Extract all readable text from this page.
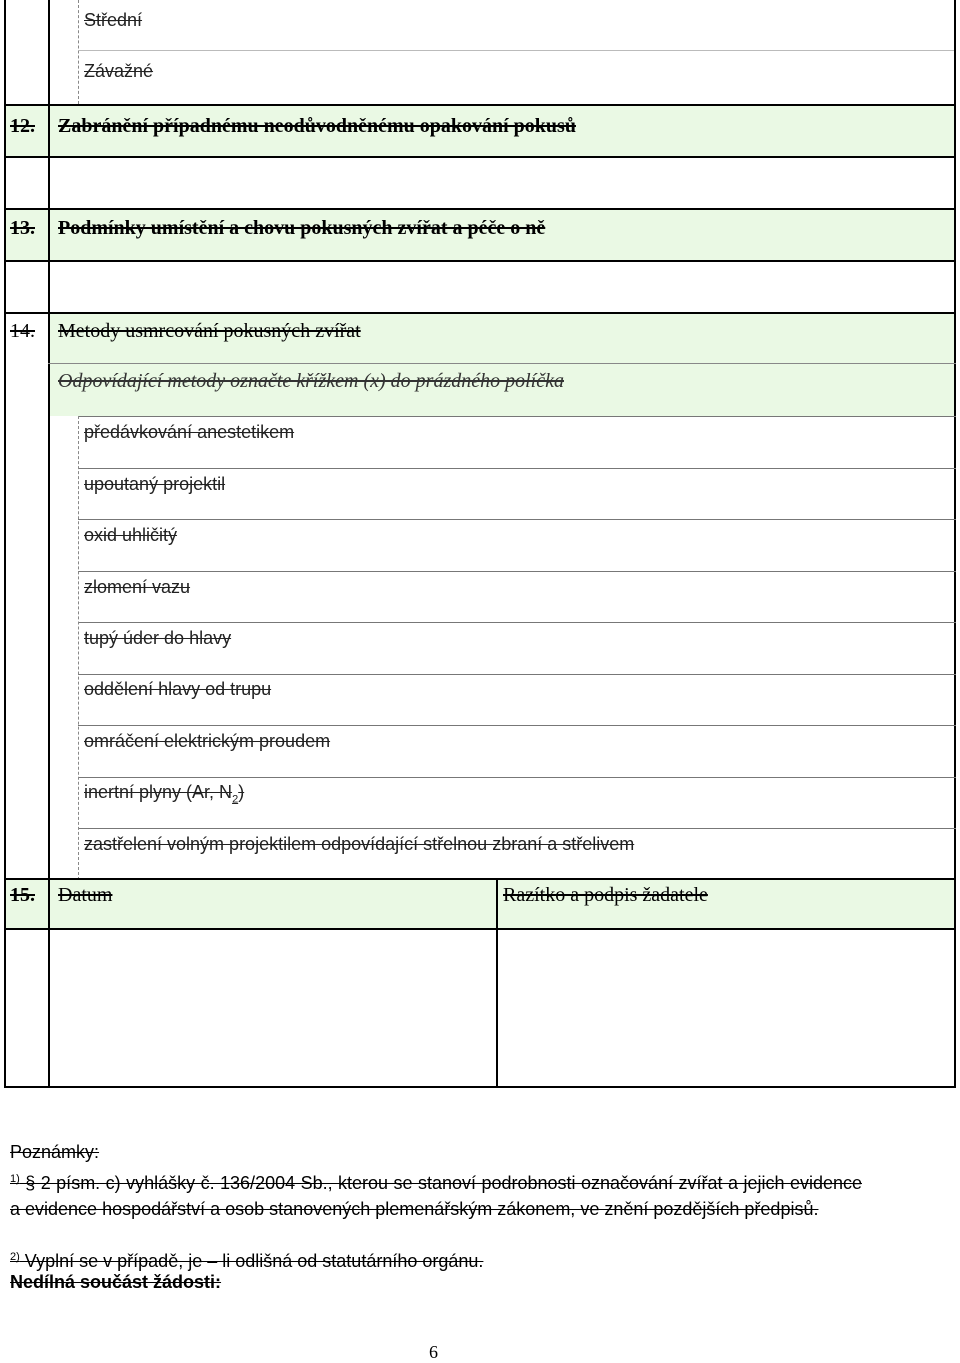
Střední
Závažné
12. Zabránění případnému neodůvodněnému opakování pokusů
13. Podmínky umístění a chovu pokusných zvířat a péče o ně
14. Metody usmrcování pokusných zvířat
Odpovídající metody označte křížkem (x) do prázdného políčka
předávkování anestetikem
upoutaný projektil
oxid uhličitý
zlomení vazu
tupý úder do hlavy
oddělení hlavy od trupu
omráčení elektrickým proudem
inertní plyny (Ar, $N_2$)
zastřelení volným projektilem odpovídající střelnou zbraní a střelivem
15. Datum	Razítko a podpis žadatele
Poznámky:
$^{1)}$ § 2 písm. c) vyhlášky č. 136/2004 Sb., kterou se stanoví podrobnosti označování zvířat a jejich evidence a evidence hospodářství a osob stanovených plemenářským zákonem, ve znění pozdějších předpisů.
$^{2)}$ Vyplní se v případě, je – li odlišná od statutárního orgánu.
Nedílná součást žádosti:
6
